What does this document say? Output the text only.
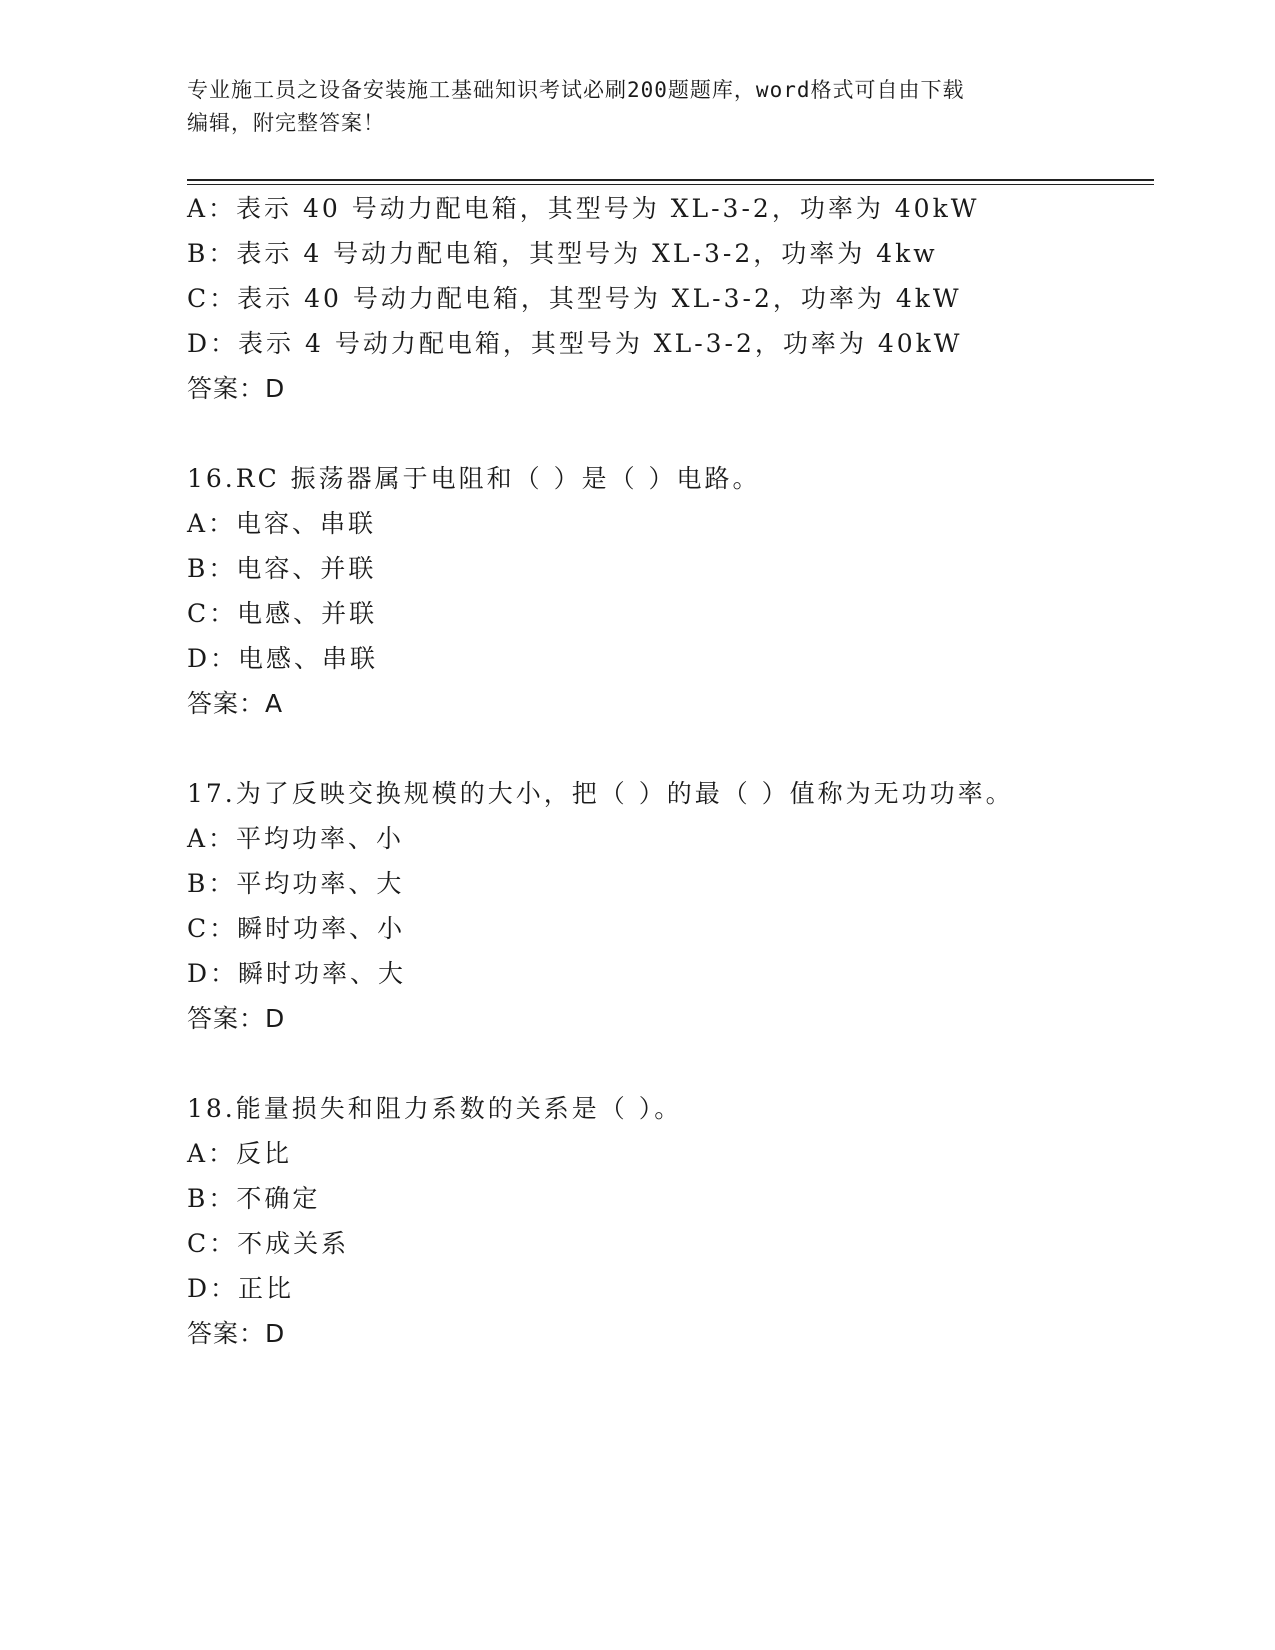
专业施工员之设备安装施工基础知识考试必刷200题题库，word格式可自由下载
编辑，附完整答案！
A：表示 40 号动力配电箱，其型号为 XL-3-2，功率为 40kW
B：表示 4 号动力配电箱，其型号为 XL-3-2，功率为 4kw
C：表示 40 号动力配电箱，其型号为 XL-3-2，功率为 4kW
D：表示 4 号动力配电箱，其型号为 XL-3-2，功率为 40kW
答案：D
16.RC 振荡器属于电阻和（ ）是（ ）电路。
A：电容、串联
B：电容、并联
C：电感、并联
D：电感、串联
答案：A
17.为了反映交换规模的大小，把（ ）的最（ ）值称为无功功率。
A：平均功率、小
B：平均功率、大
C：瞬时功率、小
D：瞬时功率、大
答案：D
18.能量损失和阻力系数的关系是（ ）。
A：反比
B：不确定
C：不成关系
D：正比
答案：D
